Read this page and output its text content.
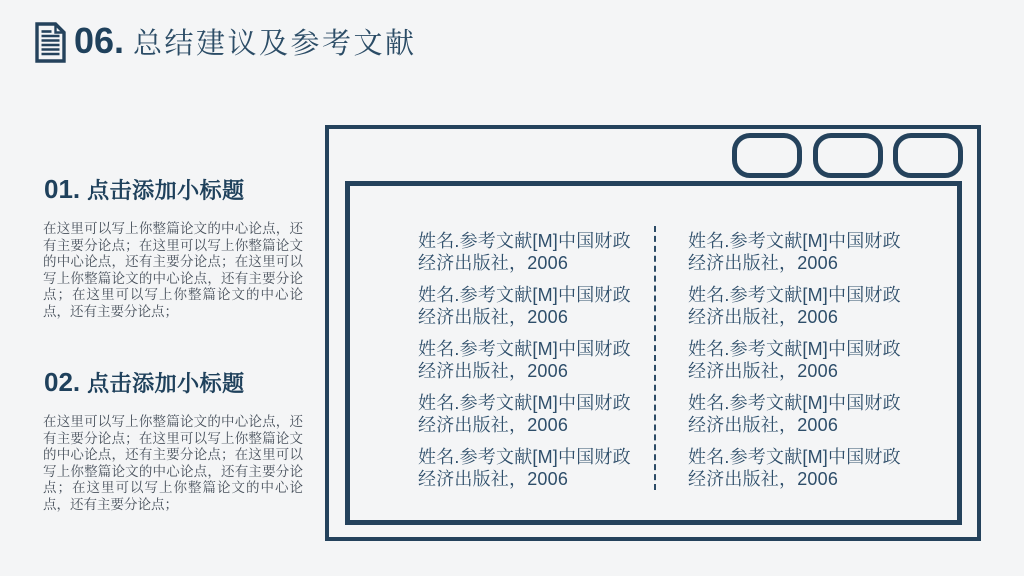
06. 总结建议及参考文献
01. 点击添加小标题

在这里可以写上你整篇论文的中心论点，还有主要分论点；在这里可以写上你整篇论文的中心论点，还有主要分论点；在这里可以写上你整篇论文的中心论点，还有主要分论点；在这里可以写上你整篇论文的中心论点，还有主要分论点；

02. 点击添加小标题

在这里可以写上你整篇论文的中心论点，还有主要分论点；在这里可以写上你整篇论文的中心论点，还有主要分论点；在这里可以写上你整篇论文的中心论点，还有主要分论点；在这里可以写上你整篇论文的中心论点，还有主要分论点；

姓名.参考文献[M]中国财政经济出版社，2006
姓名.参考文献[M]中国财政经济出版社，2006
姓名.参考文献[M]中国财政经济出版社，2006
姓名.参考文献[M]中国财政经济出版社，2006
姓名.参考文献[M]中国财政经济出版社，2006
姓名.参考文献[M]中国财政经济出版社，2006
姓名.参考文献[M]中国财政经济出版社，2006
姓名.参考文献[M]中国财政经济出版社，2006
姓名.参考文献[M]中国财政经济出版社，2006
姓名.参考文献[M]中国财政经济出版社，2006
